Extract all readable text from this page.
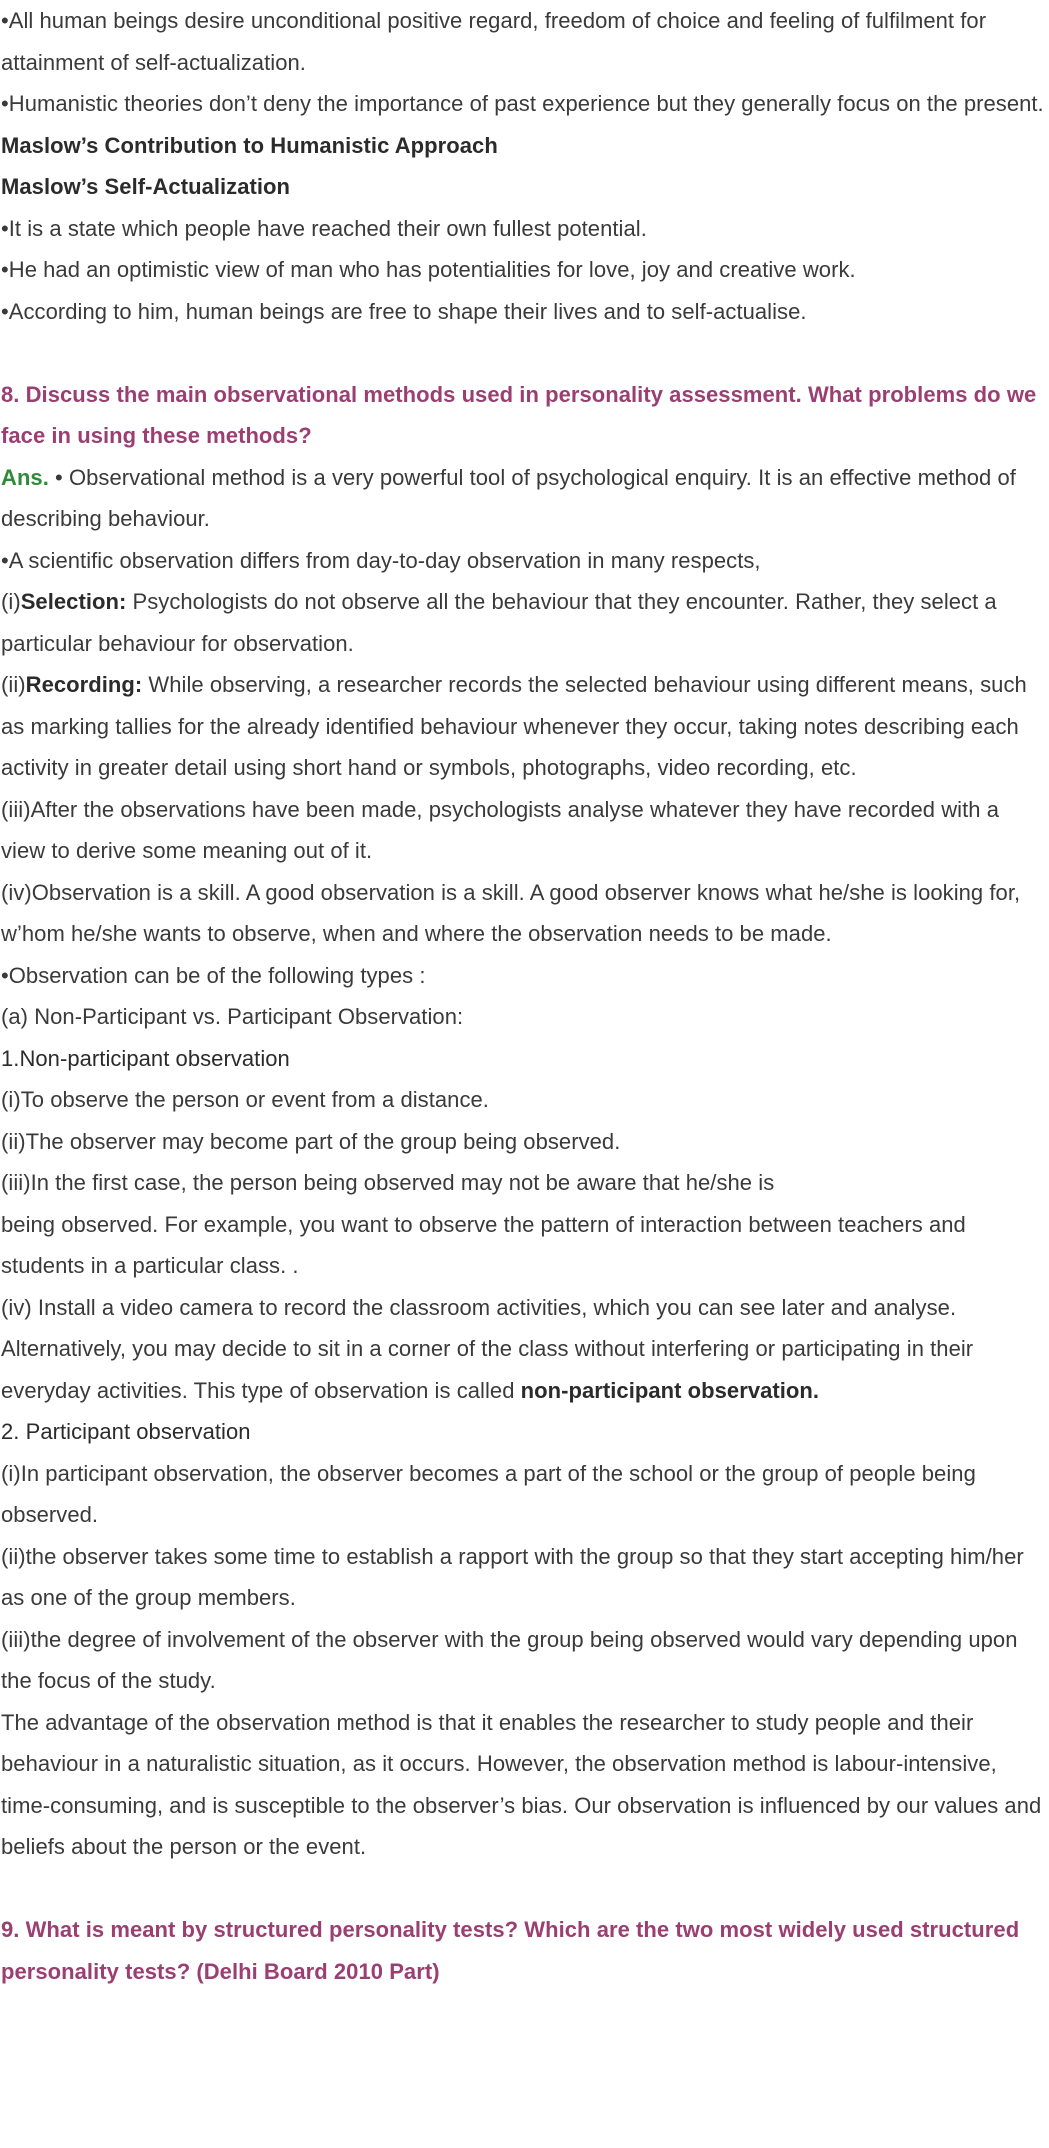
•All human beings desire unconditional positive regard, freedom of choice and feeling of fulfilment for attainment of self-actualization.

•Humanistic theories don’t deny the importance of past experience but they generally focus on the present.

Maslow’s Contribution to Humanistic Approach

Maslow’s Self-Actualization

•It is a state which people have reached their own fullest potential.

•He had an optimistic view of man who has potentialities for love, joy and creative work.

•According to him, human beings are free to shape their lives and to self-actualise.

8. Discuss the main observational methods used in personality assessment. What problems do we face in using these methods?

Ans. • Observational method is a very powerful tool of psychological enquiry. It is an effective method of describing behaviour.

•A scientific observation differs from day-to-day observation in many respects,

(i)Selection: Psychologists do not observe all the behaviour that they encounter. Rather, they select a particular behaviour for observation.

(ii)Recording: While observing, a researcher records the selected behaviour using different means, such as marking tallies for the already identified behaviour whenever they occur, taking notes describing each activity in greater detail using short hand or symbols, photographs, video recording, etc.

(iii)After the observations have been made, psychologists analyse whatever they have recorded with a view to derive some meaning out of it.

(iv)Observation is a skill. A good observation is a skill. A good observer knows what he/she is looking for, w’hom he/she wants to observe, when and where the observation needs to be made.

•Observation can be of the following types :

(a) Non-Participant vs. Participant Observation:

1.Non-participant observation

(i)To observe the person or event from a distance.

(ii)The observer may become part of the group being observed.

(iii)In the first case, the person being observed may not be aware that he/she is

being observed. For example, you want to observe the pattern of interaction between teachers and students in a particular class. .

(iv) Install a video camera to record the classroom activities, which you can see later and analyse. Alternatively, you may decide to sit in a corner of the class without interfering or participating in their everyday activities. This type of observation is called non-participant observation.

2. Participant observation

(i)In participant observation, the observer becomes a part of the school or the group of people being observed.

(ii)the observer takes some time to establish a rapport with the group so that they start accepting him/her as one of the group members.

(iii)the degree of involvement of the observer with the group being observed would vary depending upon the focus of the study.

The advantage of the observation method is that it enables the researcher to study people and their behaviour in a naturalistic situation, as it occurs. However, the observation method is labour-intensive, time-consuming, and is susceptible to the observer’s bias. Our observation is influenced by our values and beliefs about the person or the event.

9. What is meant by structured personality tests? Which are the two most widely used structured personality tests? (Delhi Board 2010 Part)
